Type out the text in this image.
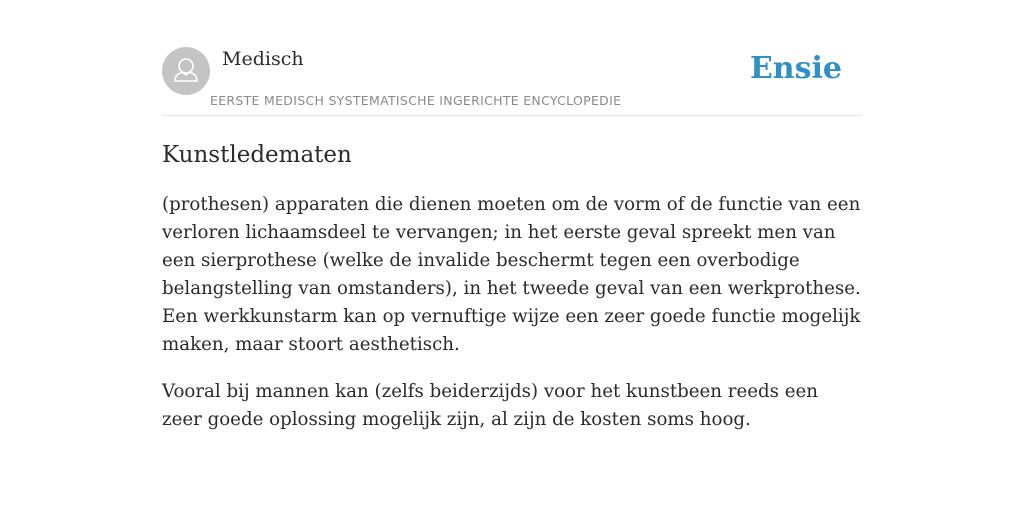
Medisch
EERSTE MEDISCH SYSTEMATISCHE INGERICHTE ENCYCLOPEDIE
Ensie
Kunstledematen

(prothesen) apparaten die dienen moeten om de vorm of de functie van een verloren lichaamsdeel te vervangen; in het eerste geval spreekt men van een sierprothese (welke de invalide beschermt tegen een overbodige belangstelling van omstanders), in het tweede geval van een werkprothese. Een werkkunstarm kan op vernuftige wijze een zeer goede functie mogelijk maken, maar stoort aesthetisch.

Vooral bij mannen kan (zelfs beiderzijds) voor het kunstbeen reeds een zeer goede oplossing mogelijk zijn, al zijn de kosten soms hoog.
